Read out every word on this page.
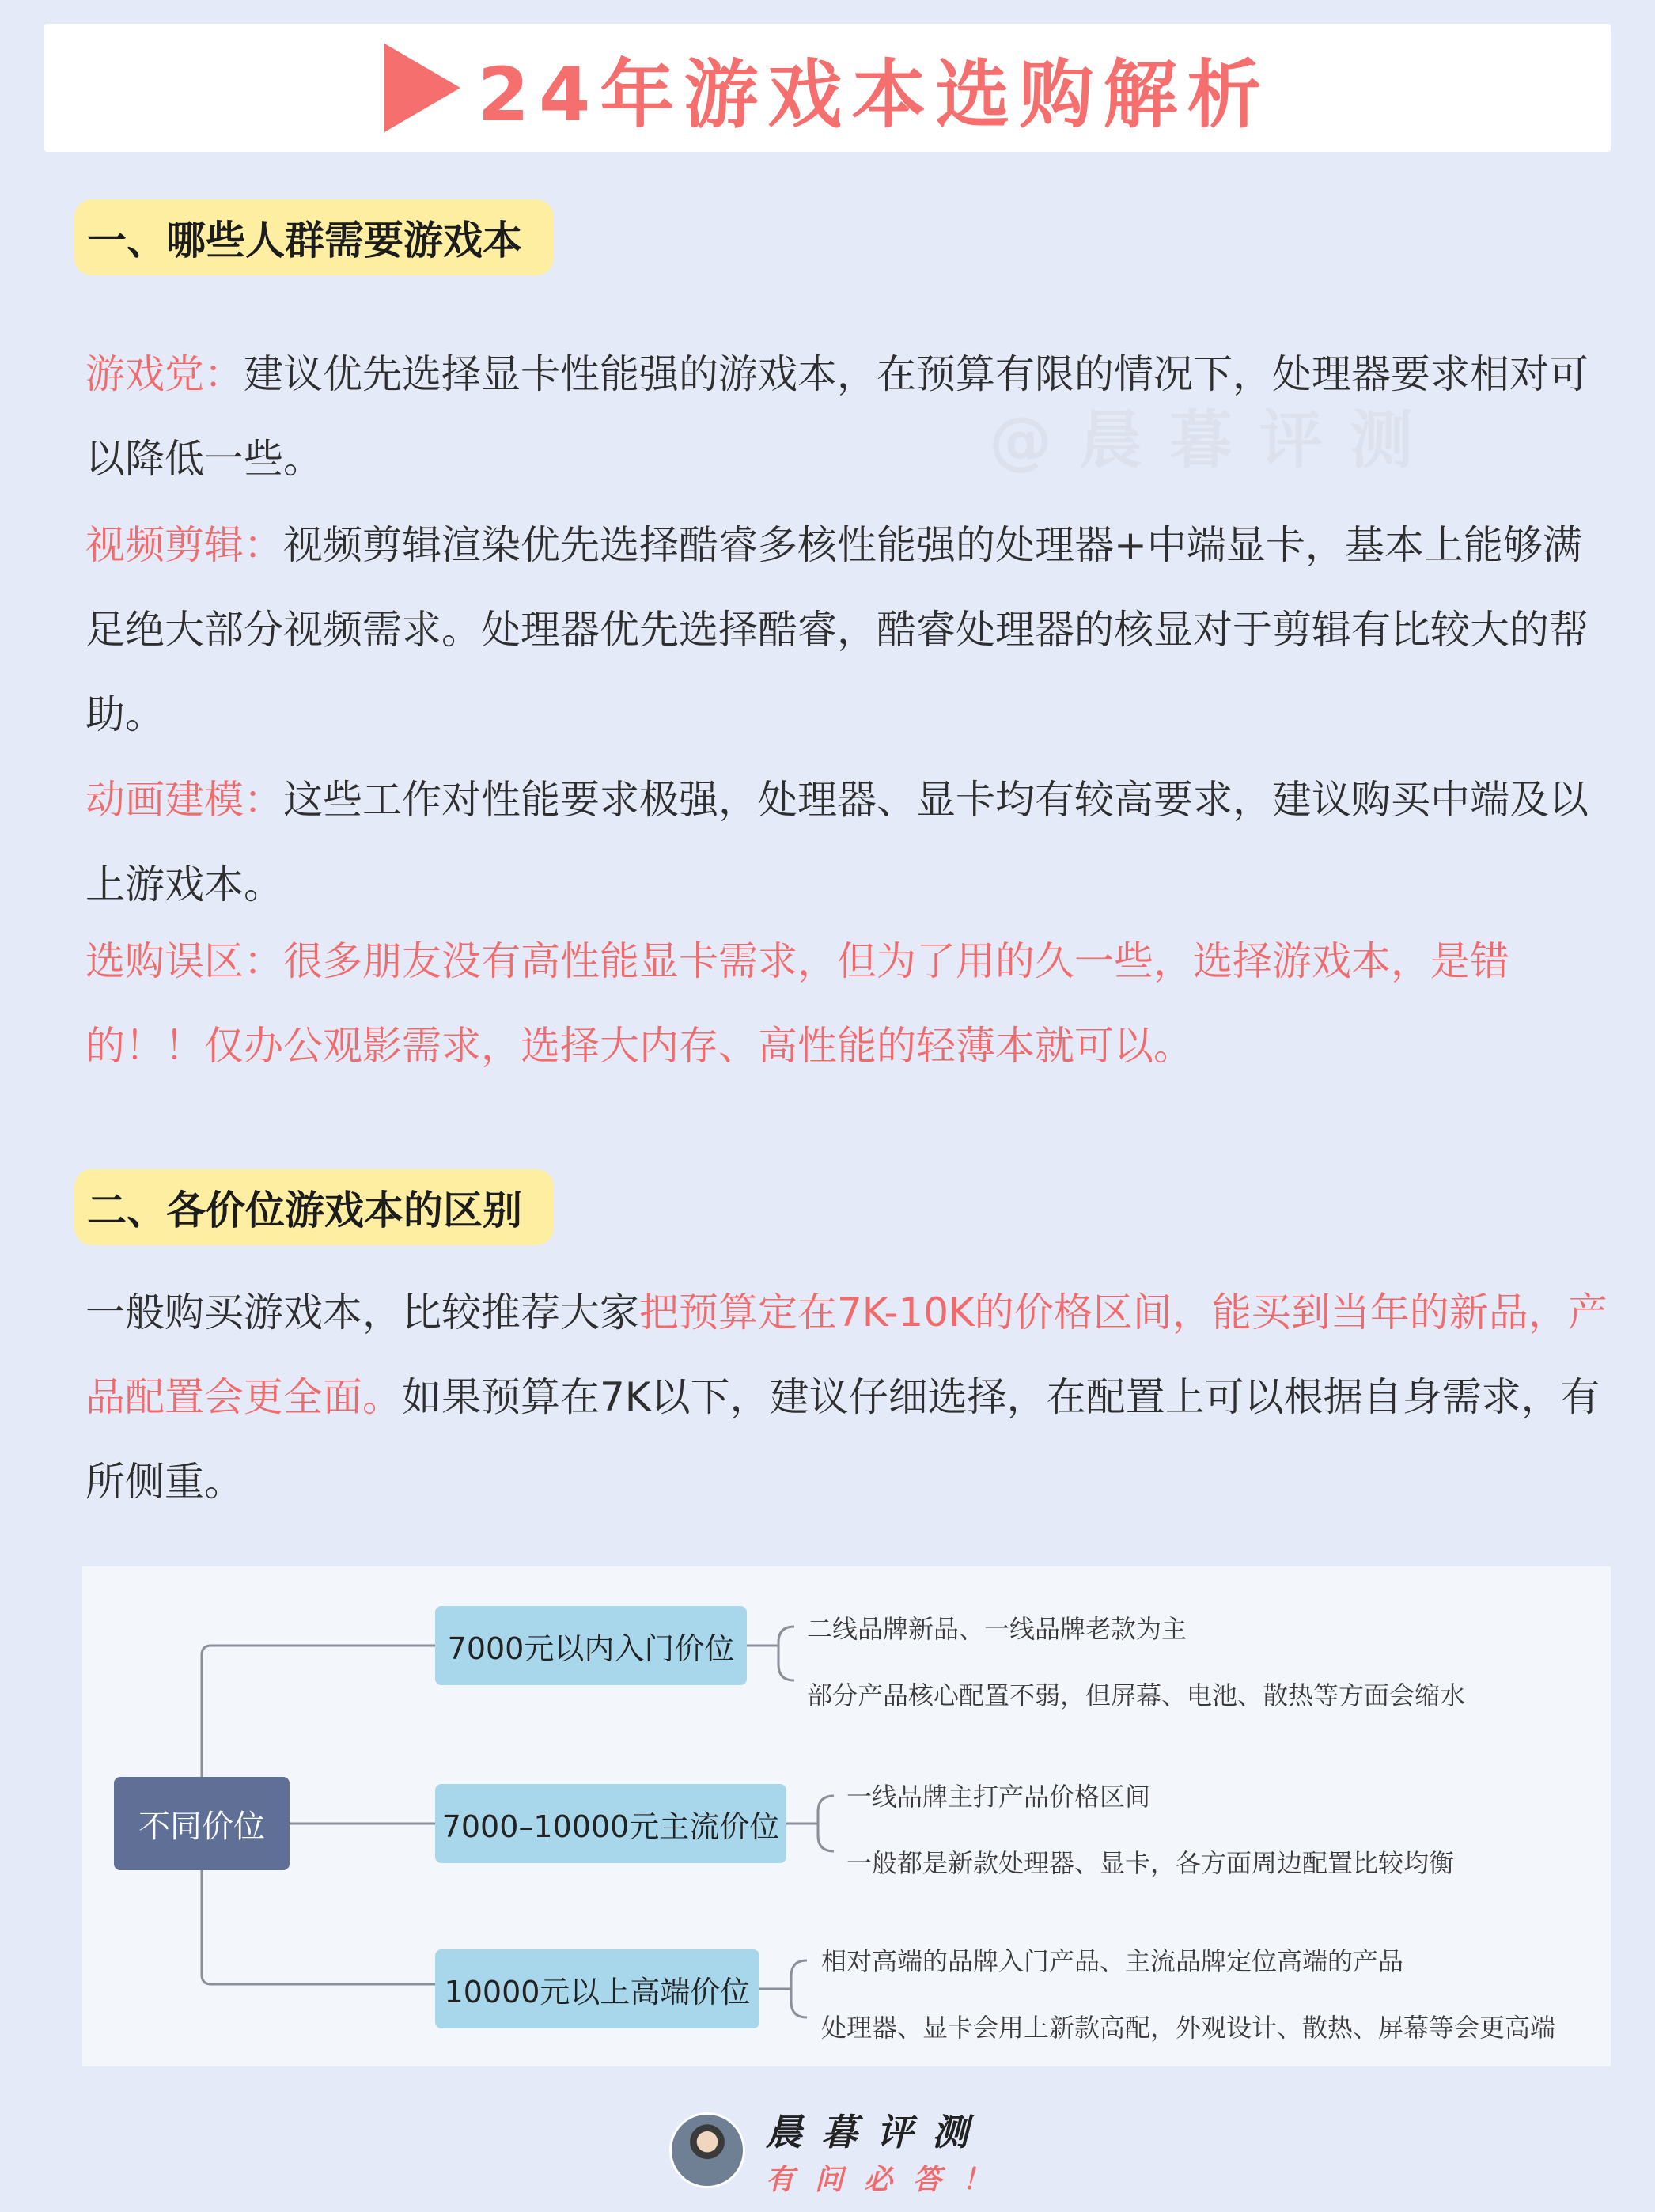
24年游戏本选购解析
一、哪些人群需要游戏本
@晨暮评测
游戏党：建议优先选择显卡性能强的游戏本，在预算有限的情况下，处理器要求相对可以降低一些。
视频剪辑：视频剪辑渲染优先选择酷睿多核性能强的处理器+中端显卡，基本上能够满足绝大部分视频需求。处理器优先选择酷睿，酷睿处理器的核显对于剪辑有比较大的帮助。
动画建模：这些工作对性能要求极强，处理器、显卡均有较高要求，建议购买中端及以上游戏本。
选购误区：很多朋友没有高性能显卡需求，但为了用的久一些，选择游戏本，是错的！！仅办公观影需求，选择大内存、高性能的轻薄本就可以。
二、各价位游戏本的区别
一般购买游戏本，比较推荐大家把预算定在7K-10K的价格区间，能买到当年的新品，产品配置会更全面。如果预算在7K以下，建议仔细选择，在配置上可以根据自身需求，有所侧重。
不同价位
7000元以内入门价位
二线品牌新品、一线品牌老款为主
部分产品核心配置不弱，但屏幕、电池、散热等方面会缩水
7000–10000元主流价位
一线品牌主打产品价格区间
一般都是新款处理器、显卡，各方面周边配置比较均衡
10000元以上高端价位
相对高端的品牌入门产品、主流品牌定位高端的产品
处理器、显卡会用上新款高配，外观设计、散热、屏幕等会更高端
晨暮评测
有问必答！
